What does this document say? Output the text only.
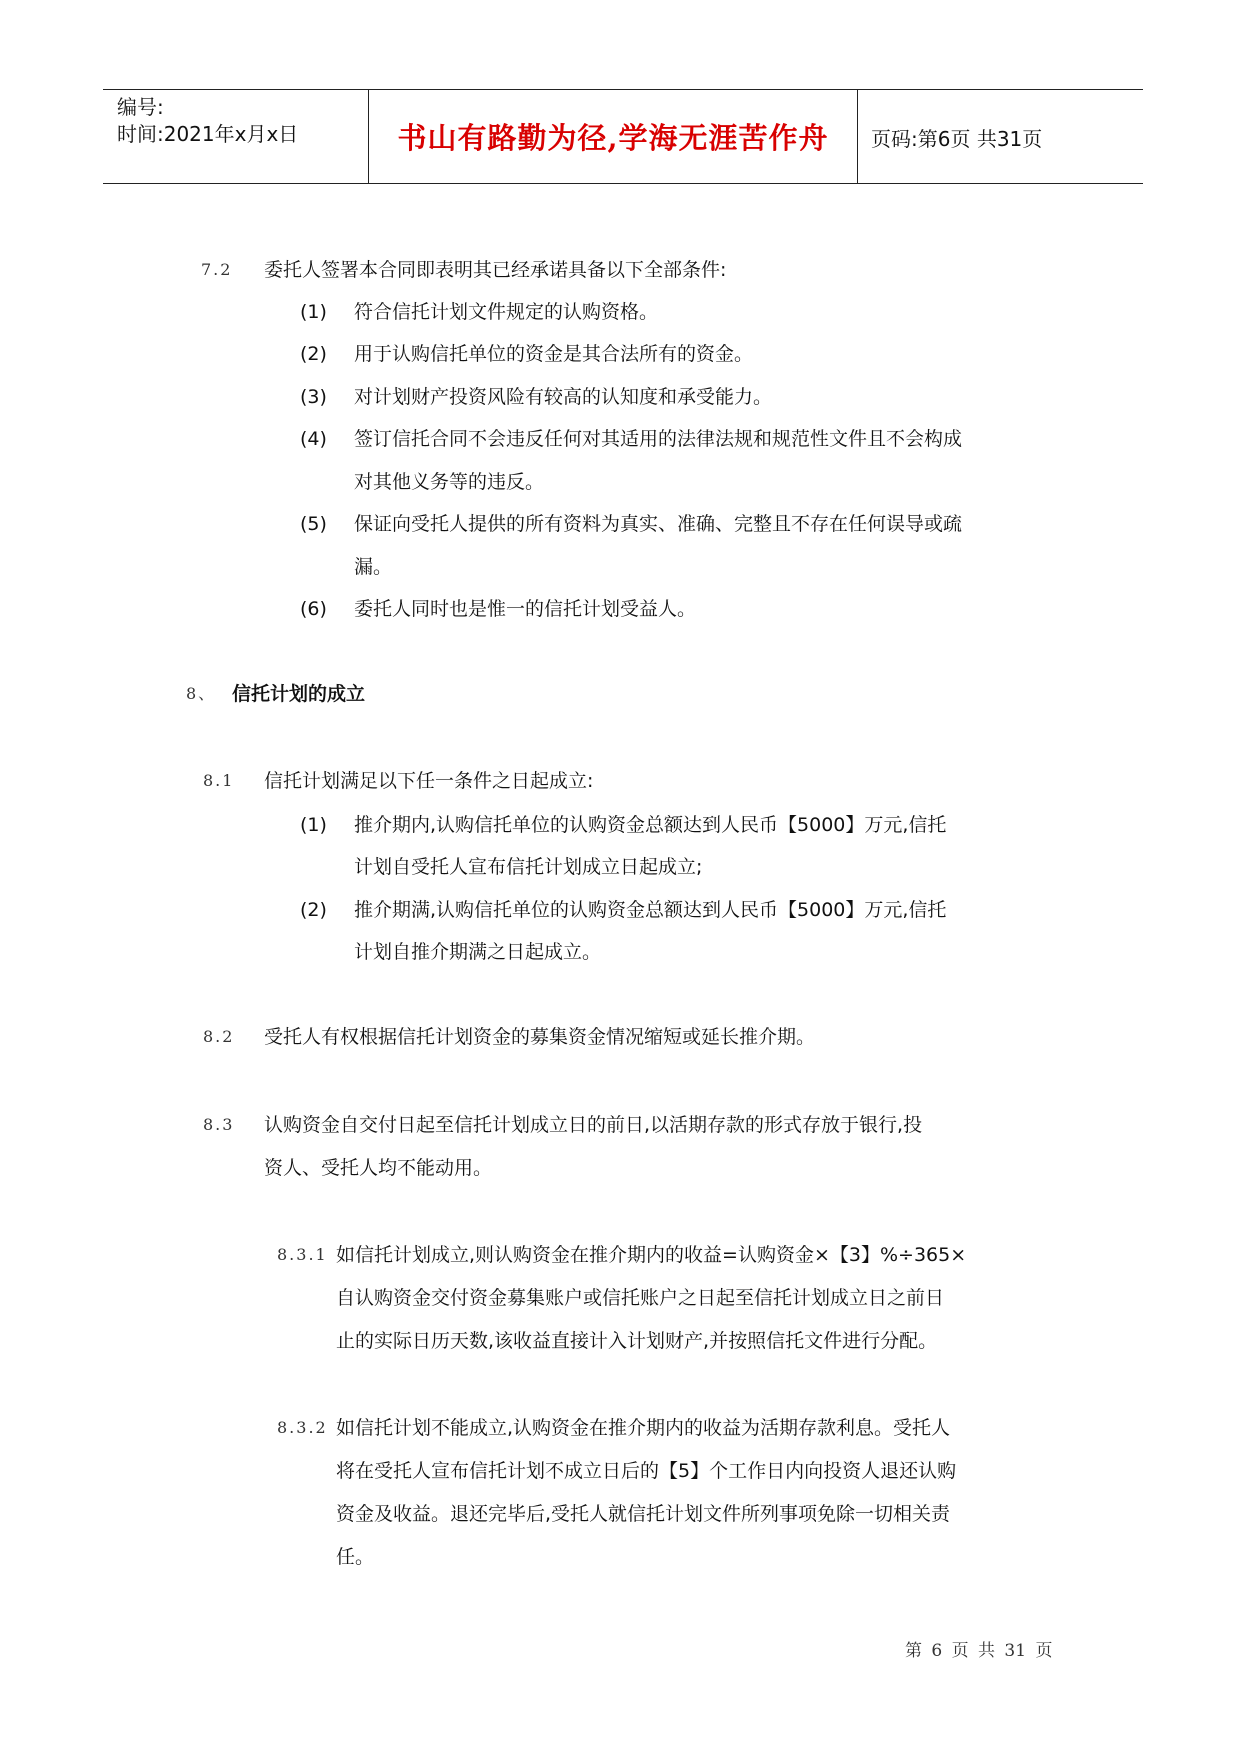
编号:
时间:2021年x月x日	书山有路勤为径,学海无涯苦作舟	页码:第6页 共31页
7.2 委托人签署本合同即表明其已经承诺具备以下全部条件:
(1) 符合信托计划文件规定的认购资格。
(2) 用于认购信托单位的资金是其合法所有的资金。
(3) 对计划财产投资风险有较高的认知度和承受能力。
(4) 签订信托合同不会违反任何对其适用的法律法规和规范性文件且不会构成
对其他义务等的违反。
(5) 保证向受托人提供的所有资料为真实、准确、完整且不存在任何误导或疏
漏。
(6) 委托人同时也是惟一的信托计划受益人。
8、 信托计划的成立
8.1 信托计划满足以下任一条件之日起成立:
(1) 推介期内,认购信托单位的认购资金总额达到人民币【5000】万元,信托
计划自受托人宣布信托计划成立日起成立;
(2) 推介期满,认购信托单位的认购资金总额达到人民币【5000】万元,信托
计划自推介期满之日起成立。
8.2 受托人有权根据信托计划资金的募集资金情况缩短或延长推介期。
8.3 认购资金自交付日起至信托计划成立日的前日,以活期存款的形式存放于银行,投
资人、受托人均不能动用。
8.3.1 如信托计划成立,则认购资金在推介期内的收益=认购资金×【3】%÷365×
自认购资金交付资金募集账户或信托账户之日起至信托计划成立日之前日
止的实际日历天数,该收益直接计入计划财产,并按照信托文件进行分配。
8.3.2 如信托计划不能成立,认购资金在推介期内的收益为活期存款利息。受托人
将在受托人宣布信托计划不成立日后的【5】个工作日内向投资人退还认购
资金及收益。退还完毕后,受托人就信托计划文件所列事项免除一切相关责
任。
第 6 页 共 31 页
